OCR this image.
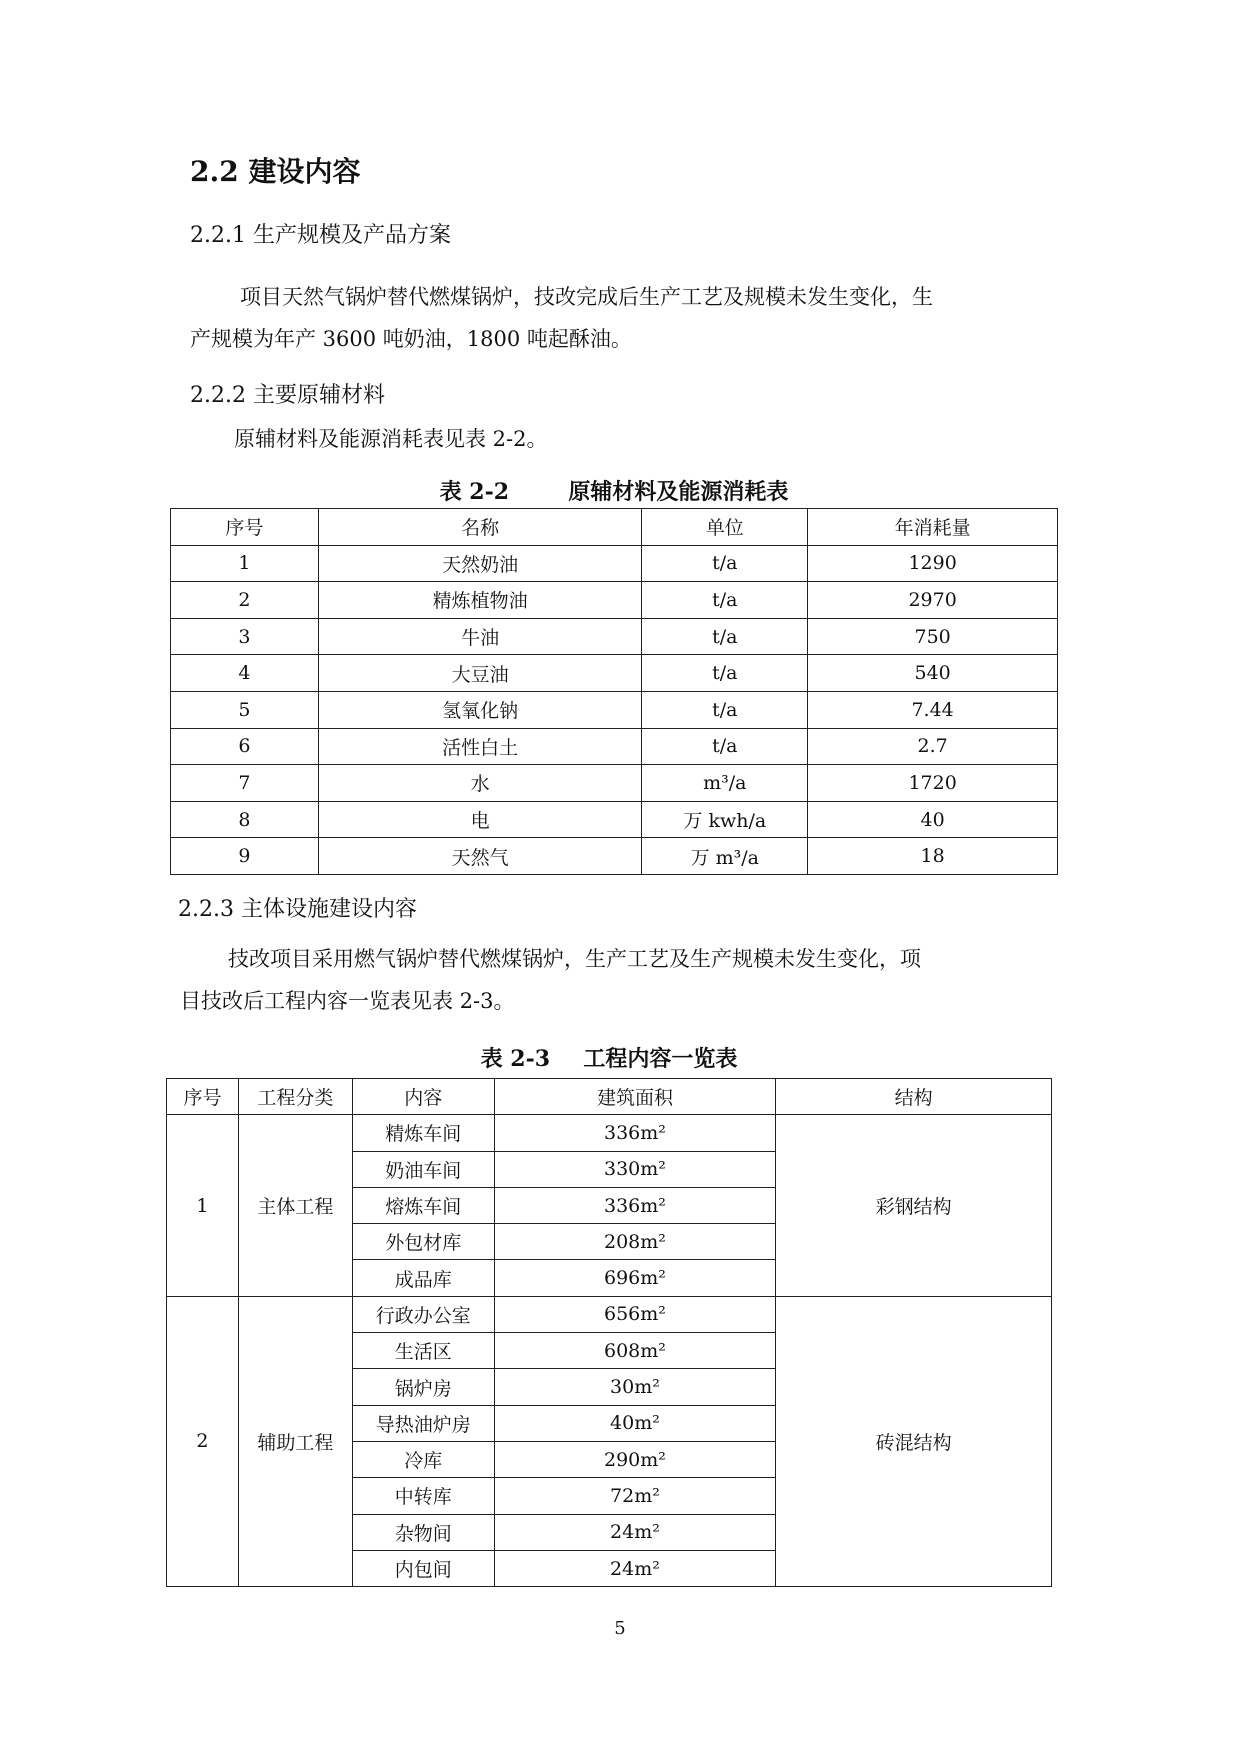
2.2 建设内容
2.2.1 生产规模及产品方案
项目天然气锅炉替代燃煤锅炉，技改完成后生产工艺及规模未发生变化，生
产规模为年产 3600 吨奶油，1800 吨起酥油。
2.2.2 主要原辅材料
原辅材料及能源消耗表见表 2-2。
表 2-2	原辅材料及能源消耗表
序号	名称	单位	年消耗量
1	天然奶油	t/a	1290
2	精炼植物油	t/a	2970
3	牛油	t/a	750
4	大豆油	t/a	540
5	氢氧化钠	t/a	7.44
6	活性白土	t/a	2.7
7	水	m³/a	1720
8	电	万 kwh/a	40
9	天然气	万 m³/a	18
2.2.3 主体设施建设内容
技改项目采用燃气锅炉替代燃煤锅炉，生产工艺及生产规模未发生变化，项
目技改后工程内容一览表见表 2-3。
表 2-3 工程内容一览表
序号	工程分类	内容	建筑面积	结构
1	主体工程	精炼车间	336m²	彩钢结构
		奶油车间	330m²	
		熔炼车间	336m²	
		外包材库	208m²	
		成品库	696m²	
2	辅助工程	行政办公室	656m²	砖混结构
		生活区	608m²	
		锅炉房	30m²	
		导热油炉房	40m²	
		冷库	290m²	
		中转库	72m²	
		杂物间	24m²	
		内包间	24m²	
5
